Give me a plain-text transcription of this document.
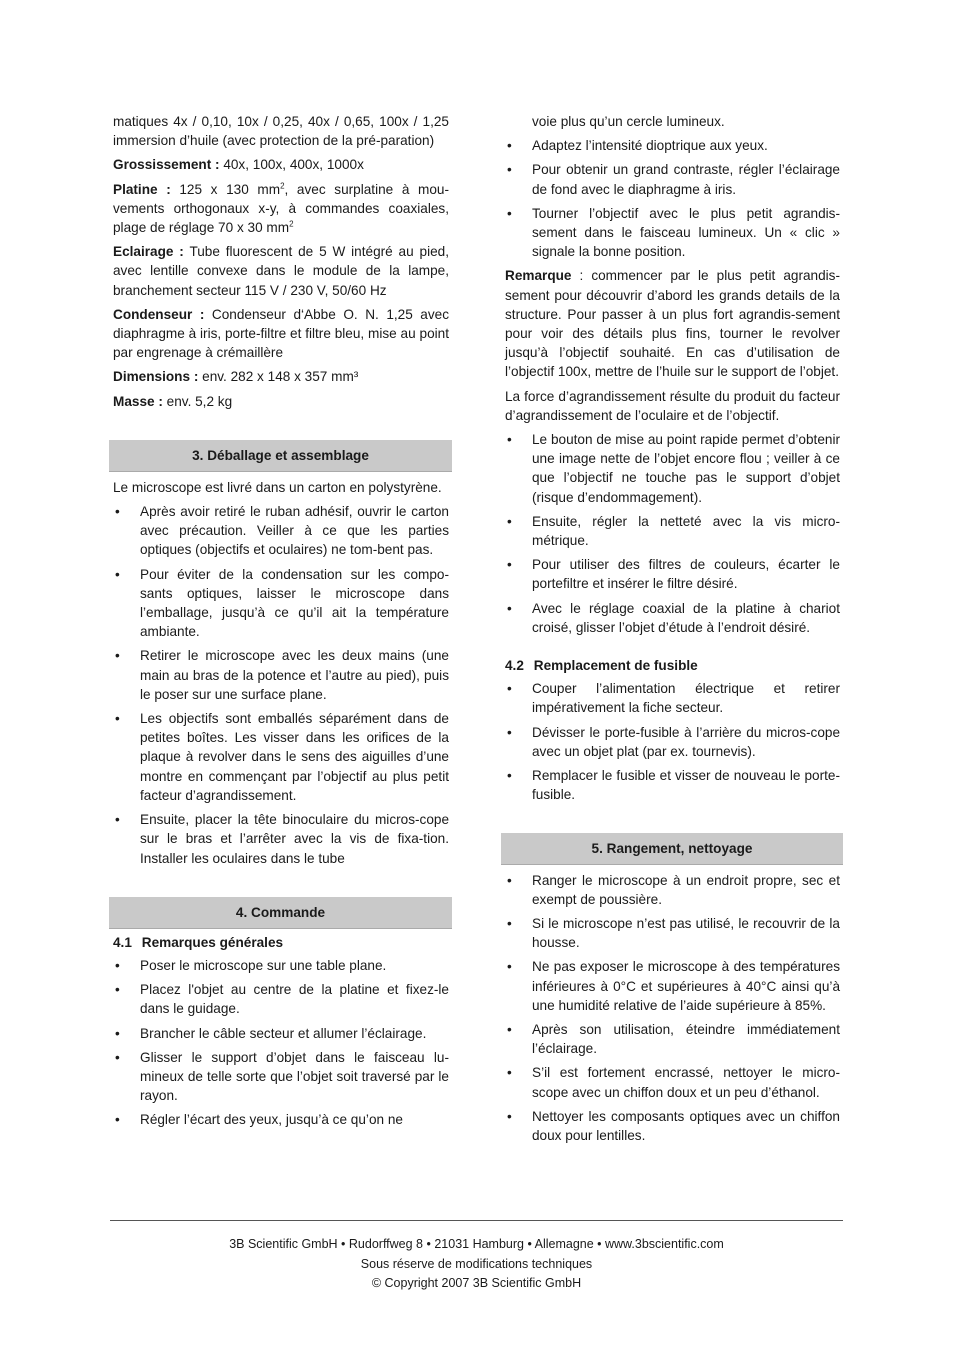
matiques 4x / 0,10, 10x / 0,25, 40x / 0,65, 100x / 1,25 immersion d’huile (avec protection de la pré-paration)

Grossissement : 40x, 100x, 400x, 1000x

Platine : 125 x 130 $mm^2$, avec surplatine à mou-vements orthogonaux x-y, à commandes coaxiales, plage de réglage 70 x 30 $mm^2$

Eclairage : Tube fluorescent de 5 W intégré au pied, avec lentille convexe dans le module de la lampe, branchement secteur 115 V / 230 V, 50/60 Hz

Condenseur : Condenseur d‘Abbe O. N. 1,25 avec diaphragme à iris, porte-filtre et filtre bleu, mise au point par engrenage à crémaillère

Dimensions : env. 282 x 148 x 357 mm³

Masse : env. 5,2 kg

3. Déballage et assemblage

Le microscope est livré dans un carton en polystyrène.

• Après avoir retiré le ruban adhésif, ouvrir le carton avec précaution. Veiller à ce que les parties optiques (objectifs et oculaires) ne tom-bent pas.
• Pour éviter de la condensation sur les compo-sants optiques, laisser le microscope dans l’emballage, jusqu’à ce qu’il ait la température ambiante.
• Retirer le microscope avec les deux mains (une main au bras de la potence et l’autre au pied), puis le poser sur une surface plane.
• Les objectifs sont emballés séparément dans de petites boîtes. Les visser dans les orifices de la plaque à revolver dans le sens des aiguilles d’une montre en commençant par l’objectif au plus petit facteur d’agrandissement.
• Ensuite, placer la tête binoculaire du micros-cope sur le bras et l’arrêter avec la vis de fixa-tion. Installer les oculaires dans le tube
4. Commande
4.1 Remarques générales
• Poser le microscope sur une table plane.
• Placez l'objet au centre de la platine et fixez-le dans le guidage.
• Brancher le câble secteur et allumer l’éclairage.
• Glisser le support d’objet dans le faisceau lu-mineux de telle sorte que l’objet soit traversé par le rayon.
• Régler l’écart des yeux, jusqu’à ce qu’on ne
voie plus qu’un cercle lumineux.
• Adaptez l’intensité dioptrique aux yeux.
• Pour obtenir un grand contraste, régler l’éclairage de fond avec le diaphragme à iris.
• Tourner l’objectif avec le plus petit agrandis-sement dans le faisceau lumineux. Un « clic » signale la bonne position.

Remarque : commencer par le plus petit agrandis-sement pour découvrir d’abord les grands details de la structure. Pour passer à un plus fort agrandis-sement pour voir des détails plus fins, tourner le revolver jusqu’à l’objectif souhaité. En cas d’utilisation de l’objectif 100x, mettre de l’huile sur le support de l’objet.

La force d’agrandissement résulte du produit du facteur d’agrandissement de l’oculaire et de l’objectif.

• Le bouton de mise au point rapide permet d’obtenir une image nette de l’objet encore flou ; veiller à ce que l’objectif ne touche pas le support d’objet (risque d’endommagement).
• Ensuite, régler la netteté avec la vis micro-métrique.
• Pour utiliser des filtres de couleurs, écarter le portefiltre et insérer le filtre désiré.
• Avec le réglage coaxial de la platine à chariot croisé, glisser l’objet d’étude à l’endroit désiré.
4.2 Remplacement de fusible
• Couper l’alimentation électrique et retirer impérativement la fiche secteur.
• Dévisser le porte-fusible à l’arrière du micros-cope avec un objet plat (par ex. tournevis).
• Remplacer le fusible et visser de nouveau le porte-fusible.
5. Rangement, nettoyage
• Ranger le microscope à un endroit propre, sec et exempt de poussière.
• Si le microscope n’est pas utilisé, le recouvrir de la housse.
• Ne pas exposer le microscope à des températures inférieures à 0°C et supérieures à 40°C ainsi qu’à une humidité relative de l’aide supérieure à 85%.
• Après son utilisation, éteindre immédiatement l’éclairage.
• S’il est fortement encrassé, nettoyer le micro-scope avec un chiffon doux et un peu d’éthanol.
• Nettoyer les composants optiques avec un chiffon doux pour lentilles.
3B Scientific GmbH • Rudorffweg 8 • 21031 Hamburg • Allemagne • www.3bscientific.com
Sous réserve de modifications techniques
© Copyright 2007 3B Scientific GmbH
